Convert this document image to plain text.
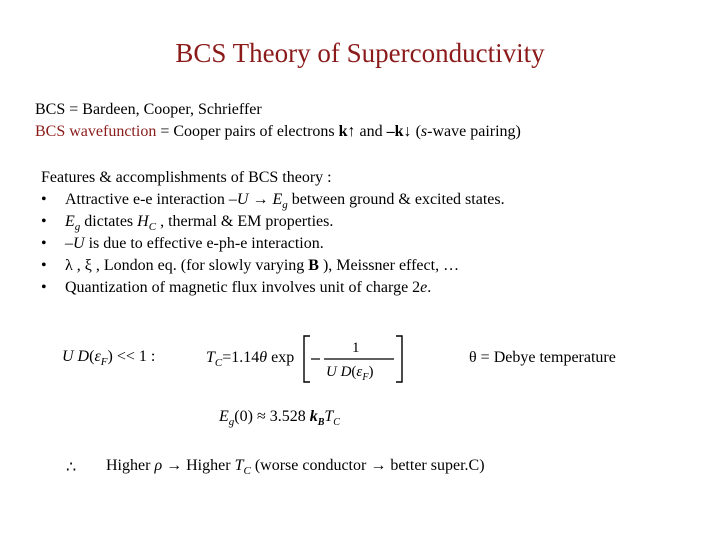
BCS Theory of Superconductivity
BCS = Bardeen, Cooper, Schrieffer
BCS wavefunction = Cooper pairs of electrons k↑ and –k↓ (s-wave pairing)
Features & accomplishments of BCS theory :
• Attractive e-e interaction $-U \to E_g$ between ground & excited states.
• $E_g$ dictates $H_C$ , thermal & EM properties.
• –U is due to effective e-ph-e interaction.
• λ , ξ , London eq. (for slowly varying B ), Meissner effect, …
• Quantization of magnetic flux involves unit of charge 2e.
U $D(\varepsilon_F) << 1$ :	$T_C=1.14\theta$ exp
1
U $D(\varepsilon_F)$
θ = Debye temperature
$E_g(0) \approx 3.528$ $k_BT_C$
∴ Higher ρ → Higher $T_C$ (worse conductor → better super.C)
